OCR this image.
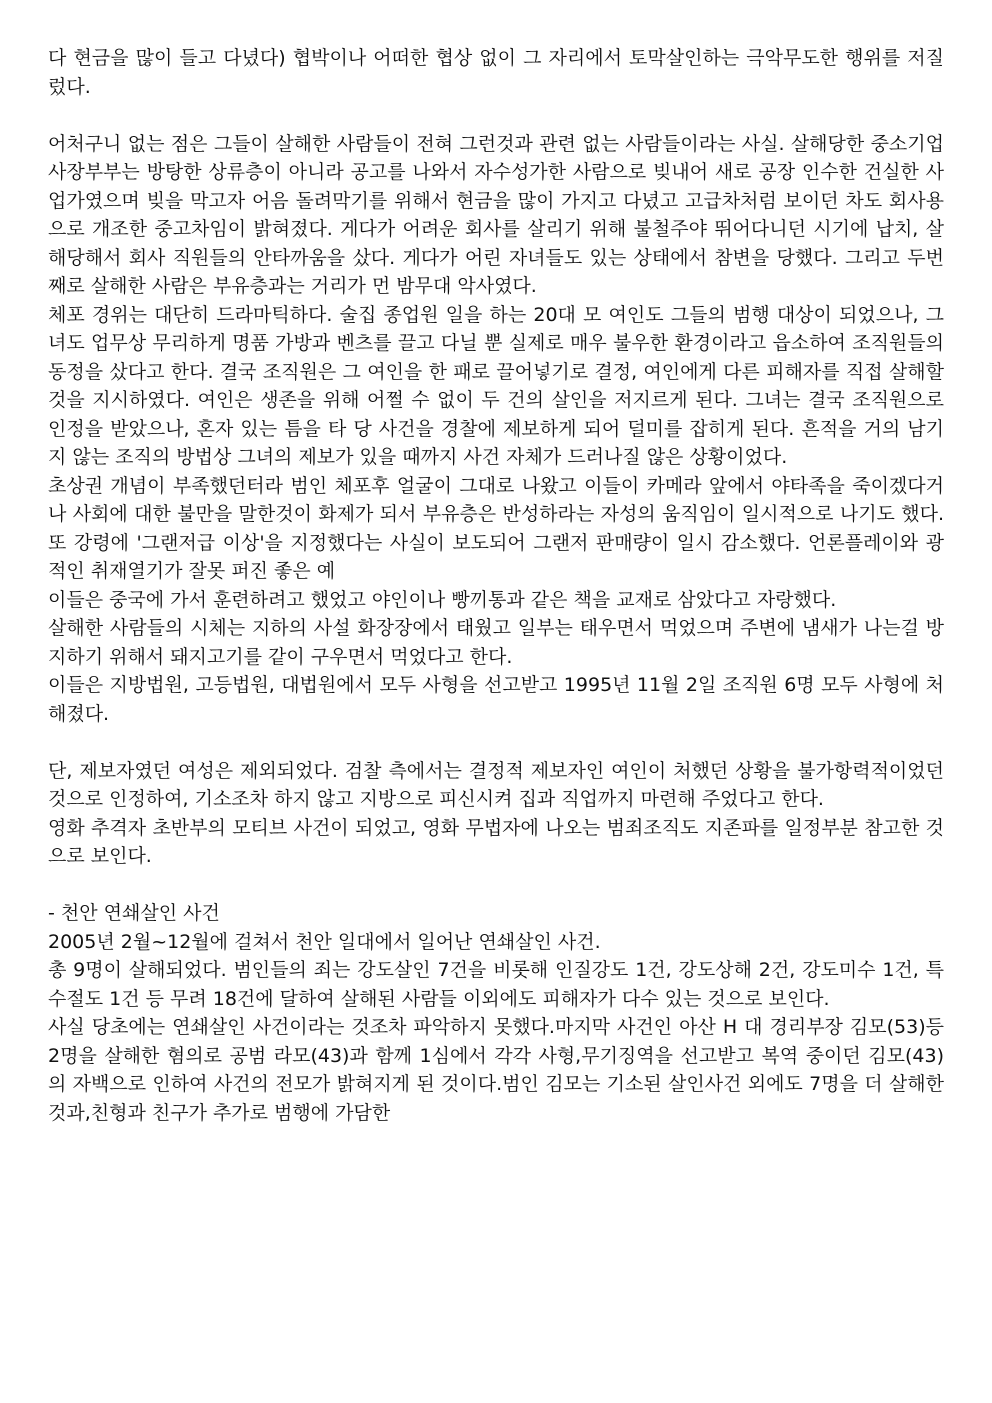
다 현금을 많이 들고 다녔다) 협박이나 어떠한 협상 없이 그 자리에서 토막살인하는 극악무도한 행위를 저질렀다.

어처구니 없는 점은 그들이 살해한 사람들이 전혀 그런것과 관련 없는 사람들이라는 사실. 살해당한 중소기업 사장부부는 방탕한 상류층이 아니라 공고를 나와서 자수성가한 사람으로 빚내어 새로 공장 인수한 건실한 사업가였으며 빚을 막고자 어음 돌려막기를 위해서 현금을 많이 가지고 다녔고 고급차처럼 보이던 차도 회사용으로 개조한 중고차임이 밝혀졌다. 게다가 어려운 회사를 살리기 위해 불철주야 뛰어다니던 시기에 납치, 살해당해서 회사 직원들의 안타까움을 샀다. 게다가 어린 자녀들도 있는 상태에서 참변을 당했다. 그리고 두번째로 살해한 사람은 부유층과는 거리가 먼 밤무대 악사였다.

체포 경위는 대단히 드라마틱하다. 술집 종업원 일을 하는 20대 모 여인도 그들의 범행 대상이 되었으나, 그녀도 업무상 무리하게 명품 가방과 벤츠를 끌고 다닐 뿐 실제로 매우 불우한 환경이라고 읍소하여 조직원들의 동정을 샀다고 한다. 결국 조직원은 그 여인을 한 패로 끌어넣기로 결정, 여인에게 다른 피해자를 직접 살해할 것을 지시하였다. 여인은 생존을 위해 어쩔 수 없이 두 건의 살인을 저지르게 된다. 그녀는 결국 조직원으로 인정을 받았으나, 혼자 있는 틈을 타 당 사건을 경찰에 제보하게 되어 덜미를 잡히게 된다. 흔적을 거의 남기지 않는 조직의 방법상 그녀의 제보가 있을 때까지 사건 자체가 드러나질 않은 상황이었다.

초상권 개념이 부족했던터라 범인 체포후 얼굴이 그대로 나왔고 이들이 카메라 앞에서 야타족을 죽이겠다거나 사회에 대한 불만을 말한것이 화제가 되서 부유층은 반성하라는 자성의 움직임이 일시적으로 나기도 했다. 또 강령에 '그랜저급 이상'을 지정했다는 사실이 보도되어 그랜저 판매량이 일시 감소했다. 언론플레이와 광적인 취재열기가 잘못 퍼진 좋은 예

이들은 중국에 가서 훈련하려고 했었고 야인이나 빵끼통과 같은 책을 교재로 삼았다고 자랑했다.

살해한 사람들의 시체는 지하의 사설 화장장에서 태웠고 일부는 태우면서 먹었으며 주변에 냄새가 나는걸 방지하기 위해서 돼지고기를 같이 구우면서 먹었다고 한다.

이들은 지방법원, 고등법원, 대법원에서 모두 사형을 선고받고 1995년 11월 2일 조직원 6명 모두 사형에 처해졌다.

단, 제보자였던 여성은 제외되었다. 검찰 측에서는 결정적 제보자인 여인이 처했던 상황을 불가항력적이었던 것으로 인정하여, 기소조차 하지 않고 지방으로 피신시켜 집과 직업까지 마련해 주었다고 한다.

영화 추격자 초반부의 모티브 사건이 되었고, 영화 무법자에 나오는 범죄조직도 지존파를 일정부분 참고한 것으로 보인다.

- 천안 연쇄살인 사건

2005년 2월~12월에 걸쳐서 천안 일대에서 일어난 연쇄살인 사건.

총 9명이 살해되었다. 범인들의 죄는 강도살인 7건을 비롯해 인질강도 1건, 강도상해 2건, 강도미수 1건, 특수절도 1건 등 무려 18건에 달하여 살해된 사람들 이외에도 피해자가 다수 있는 것으로 보인다.

사실 당초에는 연쇄살인 사건이라는 것조차 파악하지 못했다.마지막 사건인 아산 H 대 경리부장 김모(53)등 2명을 살해한 혐의로 공범 라모(43)과 함께 1심에서 각각 사형,무기징역을 선고받고 복역 중이던 김모(43)의 자백으로 인하여 사건의 전모가 밝혀지게 된 것이다.범인 김모는 기소된 살인사건 외에도 7명을 더 살해한 것과,친형과 친구가 추가로 범행에 가담한
